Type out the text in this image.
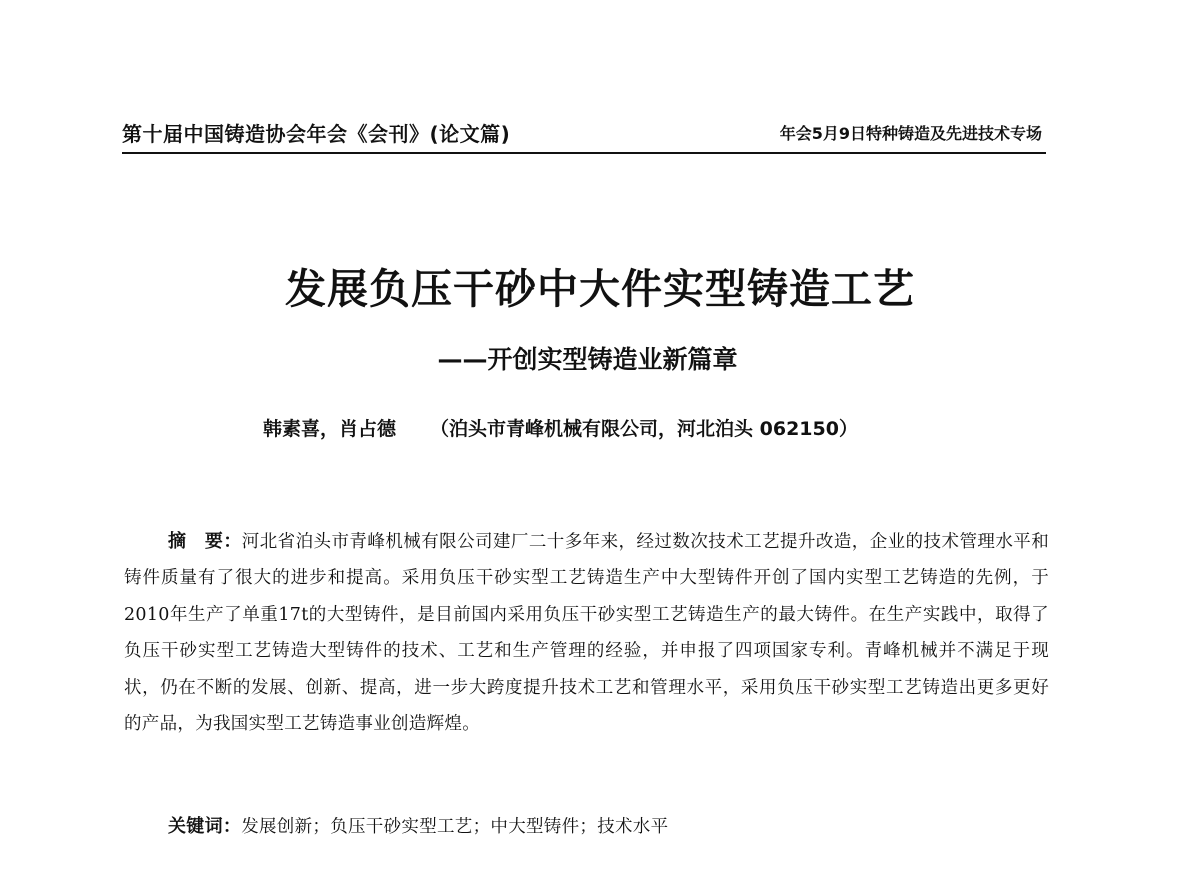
第十届中国铸造协会年会《会刊》(论文篇)	年会5月9日特种铸造及先进技术专场
发展负压干砂中大件实型铸造工艺
——开创实型铸造业新篇章
韩素喜，肖占德 （泊头市青峰机械有限公司，河北泊头 062150）
摘　要：河北省泊头市青峰机械有限公司建厂二十多年来，经过数次技术工艺提升改造，企业的技术管理水平和铸件质量有了很大的进步和提高。采用负压干砂实型工艺铸造生产中大型铸件开创了国内实型工艺铸造的先例，于2010年生产了单重17t的大型铸件，是目前国内采用负压干砂实型工艺铸造生产的最大铸件。在生产实践中，取得了负压干砂实型工艺铸造大型铸件的技术、工艺和生产管理的经验，并申报了四项国家专利。青峰机械并不满足于现状，仍在不断的发展、创新、提高，进一步大跨度提升技术工艺和管理水平，采用负压干砂实型工艺铸造出更多更好的产品，为我国实型工艺铸造事业创造辉煌。
关键词：发展创新；负压干砂实型工艺；中大型铸件；技术水平
